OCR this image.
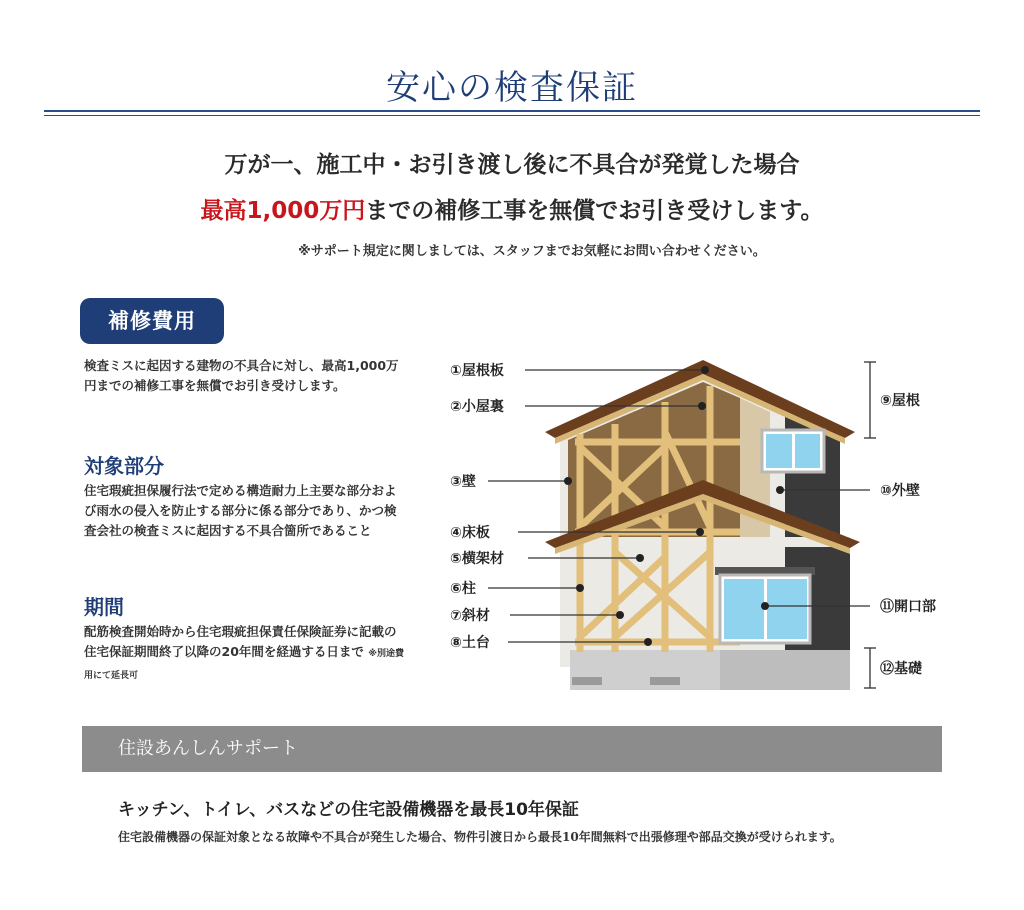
安心の検査保証
万が一、施工中・お引き渡し後に不具合が発覚した場合
最高1,000万円までの補修工事を無償でお引き受けします。
※サポート規定に関しましては、スタッフまでお気軽にお問い合わせください。
補修費用
検査ミスに起因する建物の不具合に対し、最高1,000万円までの補修工事を無償でお引き受けします。
対象部分
住宅瑕疵担保履行法で定める構造耐力上主要な部分および雨水の侵入を防止する部分に係る部分であり、かつ検査会社の検査ミスに起因する不具合箇所であること
期間
配筋検査開始時から住宅瑕疵担保責任保険証券に記載の住宅保証期間終了以降の20年間を経過する日まで ※別途費用にて延長可
①屋根板
②小屋裏
③壁
④床板
⑤横架材
⑥柱
⑦斜材
⑧土台
⑨屋根
⑩外壁
⑪開口部
⑫基礎
住設あんしんサポート
キッチン、トイレ、バスなどの住宅設備機器を最長10年保証
住宅設備機器の保証対象となる故障や不具合が発生した場合、物件引渡日から最長10年間無料で出張修理や部品交換が受けられます。
